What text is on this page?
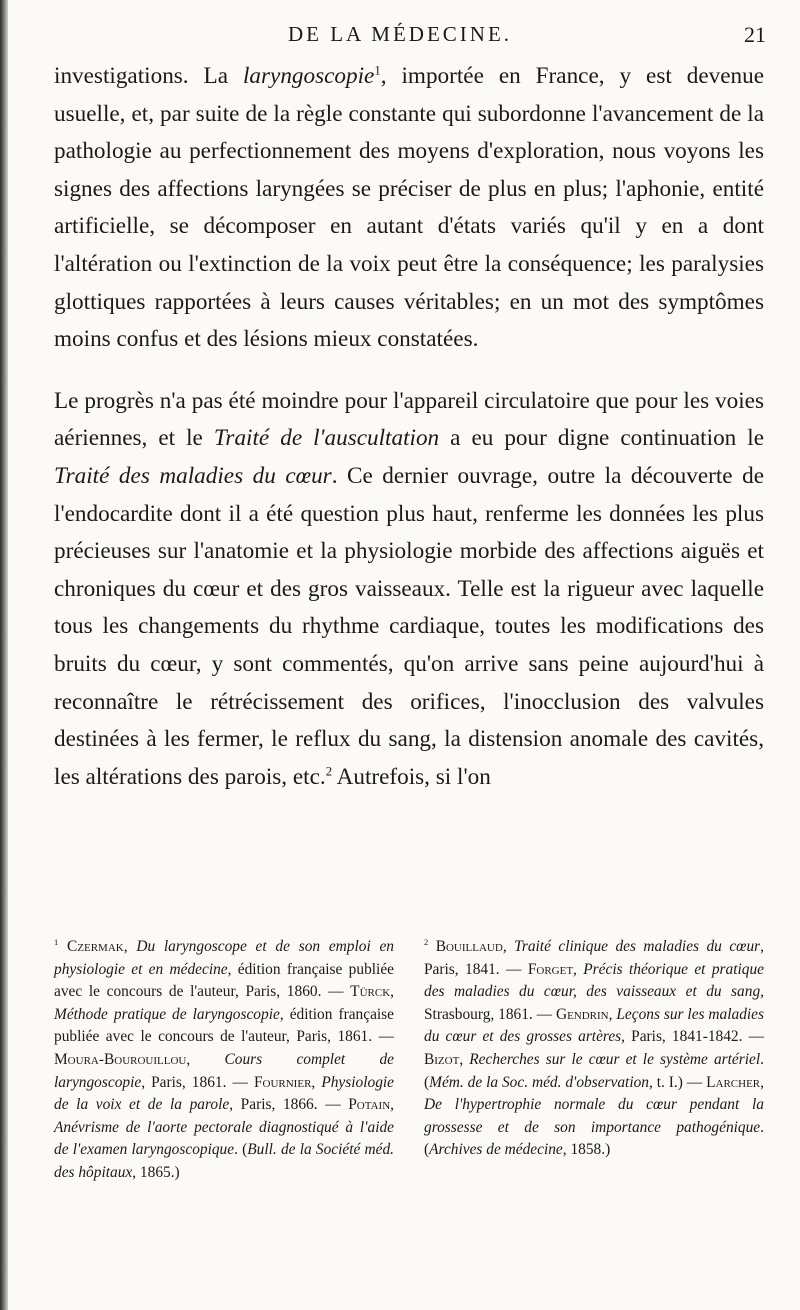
DE LA MÉDECINE.	21

investigations. La laryngoscopie$^1$, importée en France, y est devenue usuelle, et, par suite de la règle constante qui subordonne l'avancement de la pathologie au perfectionnement des moyens d'exploration, nous voyons les signes des affections laryngées se préciser de plus en plus; l'aphonie, entité artificielle, se décomposer en autant d'états variés qu'il y en a dont l'altération ou l'extinction de la voix peut être la conséquence; les paralysies glottiques rapportées à leurs causes véritables; en un mot des symptômes moins confus et des lésions mieux constatées.

Le progrès n'a pas été moindre pour l'appareil circulatoire que pour les voies aériennes, et le Traité de l'auscultation a eu pour digne continuation le Traité des maladies du cœur. Ce dernier ouvrage, outre la découverte de l'endocardite dont il a été question plus haut, renferme les données les plus précieuses sur l'anatomie et la physiologie morbide des affections aiguës et chroniques du cœur et des gros vaisseaux. Telle est la rigueur avec laquelle tous les changements du rhythme cardiaque, toutes les modifications des bruits du cœur, y sont commentés, qu'on arrive sans peine aujourd'hui à reconnaître le rétrécissement des orifices, l'inocclusion des valvules destinées à les fermer, le reflux du sang, la distension anomale des cavités, les altérations des parois, etc.$^2$ Autrefois, si l'on

$^1$ Czermak, Du laryngoscope et de son emploi en physiologie et en médecine, édition française publiée avec le concours de l'auteur, Paris, 1860. — Türck, Méthode pratique de laryngoscopie, édition française publiée avec le concours de l'auteur, Paris, 1861. — Moura-Bourouillou, Cours complet de laryngoscopie, Paris, 1861. — Fournier, Physiologie de la voix et de la parole, Paris, 1866. — Potain, Anévrisme de l'aorte pectorale diagnostiqué à l'aide de l'examen laryngoscopique. (Bull. de la Société méd. des hôpitaux, 1865.)
$^2$ Bouillaud, Traité clinique des maladies du cœur, Paris, 1841. — Forget, Précis théorique et pratique des maladies du cœur, des vaisseaux et du sang, Strasbourg, 1861. — Gendrin, Leçons sur les maladies du cœur et des grosses artères, Paris, 1841-1842. — Bizot, Recherches sur le cœur et le système artériel. (Mém. de la Soc. méd. d'observation, t. I.) — Larcher, De l'hypertrophie normale du cœur pendant la grossesse et de son importance pathogénique. (Archives de médecine, 1858.)
